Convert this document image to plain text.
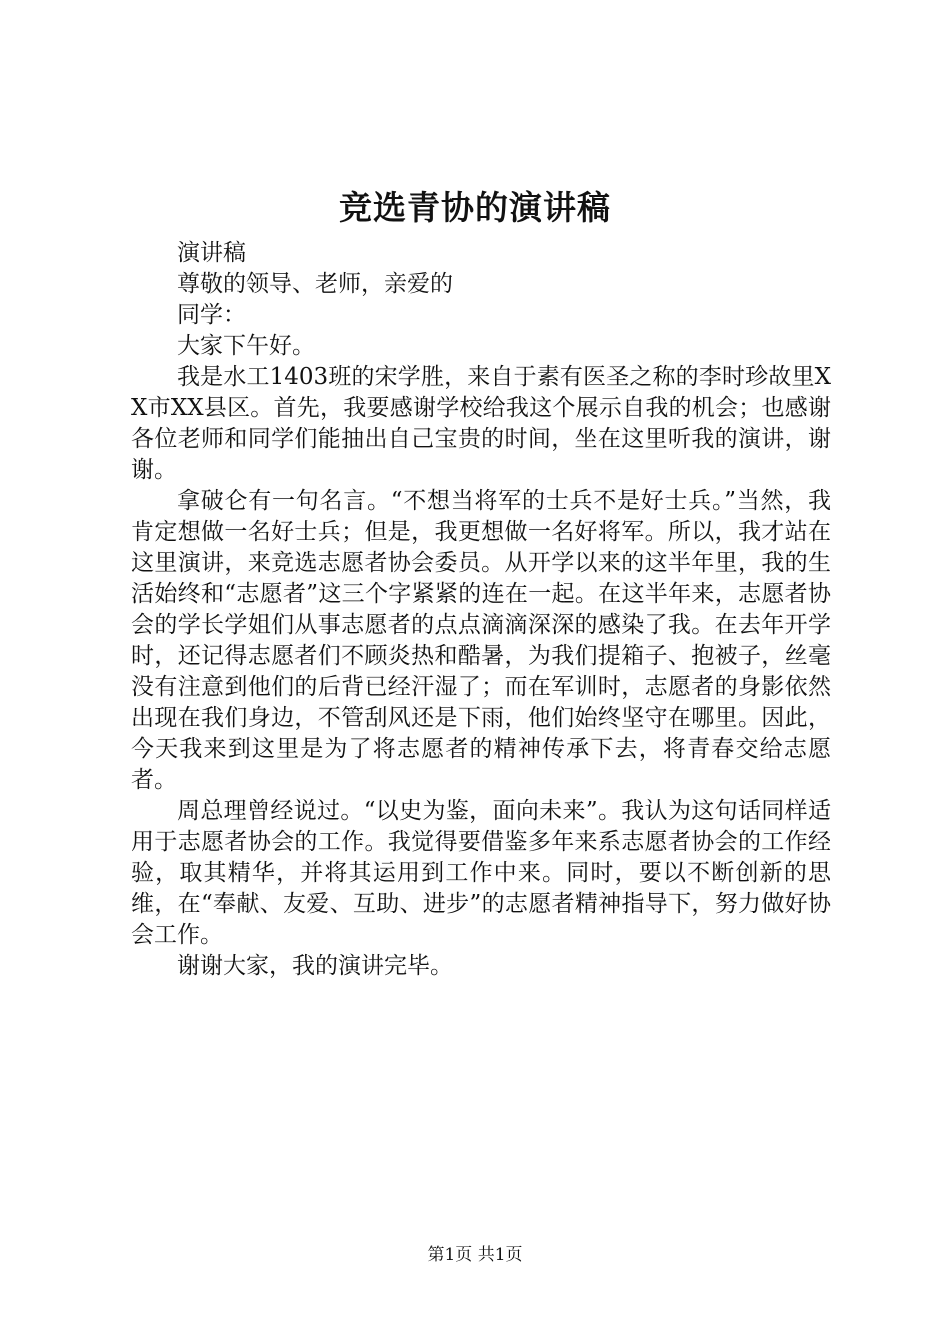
竞选青协的演讲稿

演讲稿

尊敬的领导、老师，亲爱的

同学：

大家下午好。

我是水工1403班的宋学胜，来自于素有医圣之称的李时珍故里XX市XX县区。首先，我要感谢学校给我这个展示自我的机会；也感谢各位老师和同学们能抽出自己宝贵的时间，坐在这里听我的演讲，谢谢。

拿破仑有一句名言。“不想当将军的士兵不是好士兵。”当然，我肯定想做一名好士兵；但是，我更想做一名好将军。所以，我才站在这里演讲，来竞选志愿者协会委员。从开学以来的这半年里，我的生活始终和“志愿者”这三个字紧紧的连在一起。在这半年来，志愿者协会的学长学姐们从事志愿者的点点滴滴深深的感染了我。在去年开学时，还记得志愿者们不顾炎热和酷暑，为我们提箱子、抱被子，丝毫没有注意到他们的后背已经汗湿了；而在军训时，志愿者的身影依然出现在我们身边，不管刮风还是下雨，他们始终坚守在哪里。因此，今天我来到这里是为了将志愿者的精神传承下去，将青春交给志愿者。

周总理曾经说过。“以史为鉴，面向未来”。我认为这句话同样适用于志愿者协会的工作。我觉得要借鉴多年来系志愿者协会的工作经验，取其精华，并将其运用到工作中来。同时，要以不断创新的思维，在“奉献、友爱、互助、进步”的志愿者精神指导下，努力做好协会工作。

谢谢大家，我的演讲完毕。

第1页 共1页
